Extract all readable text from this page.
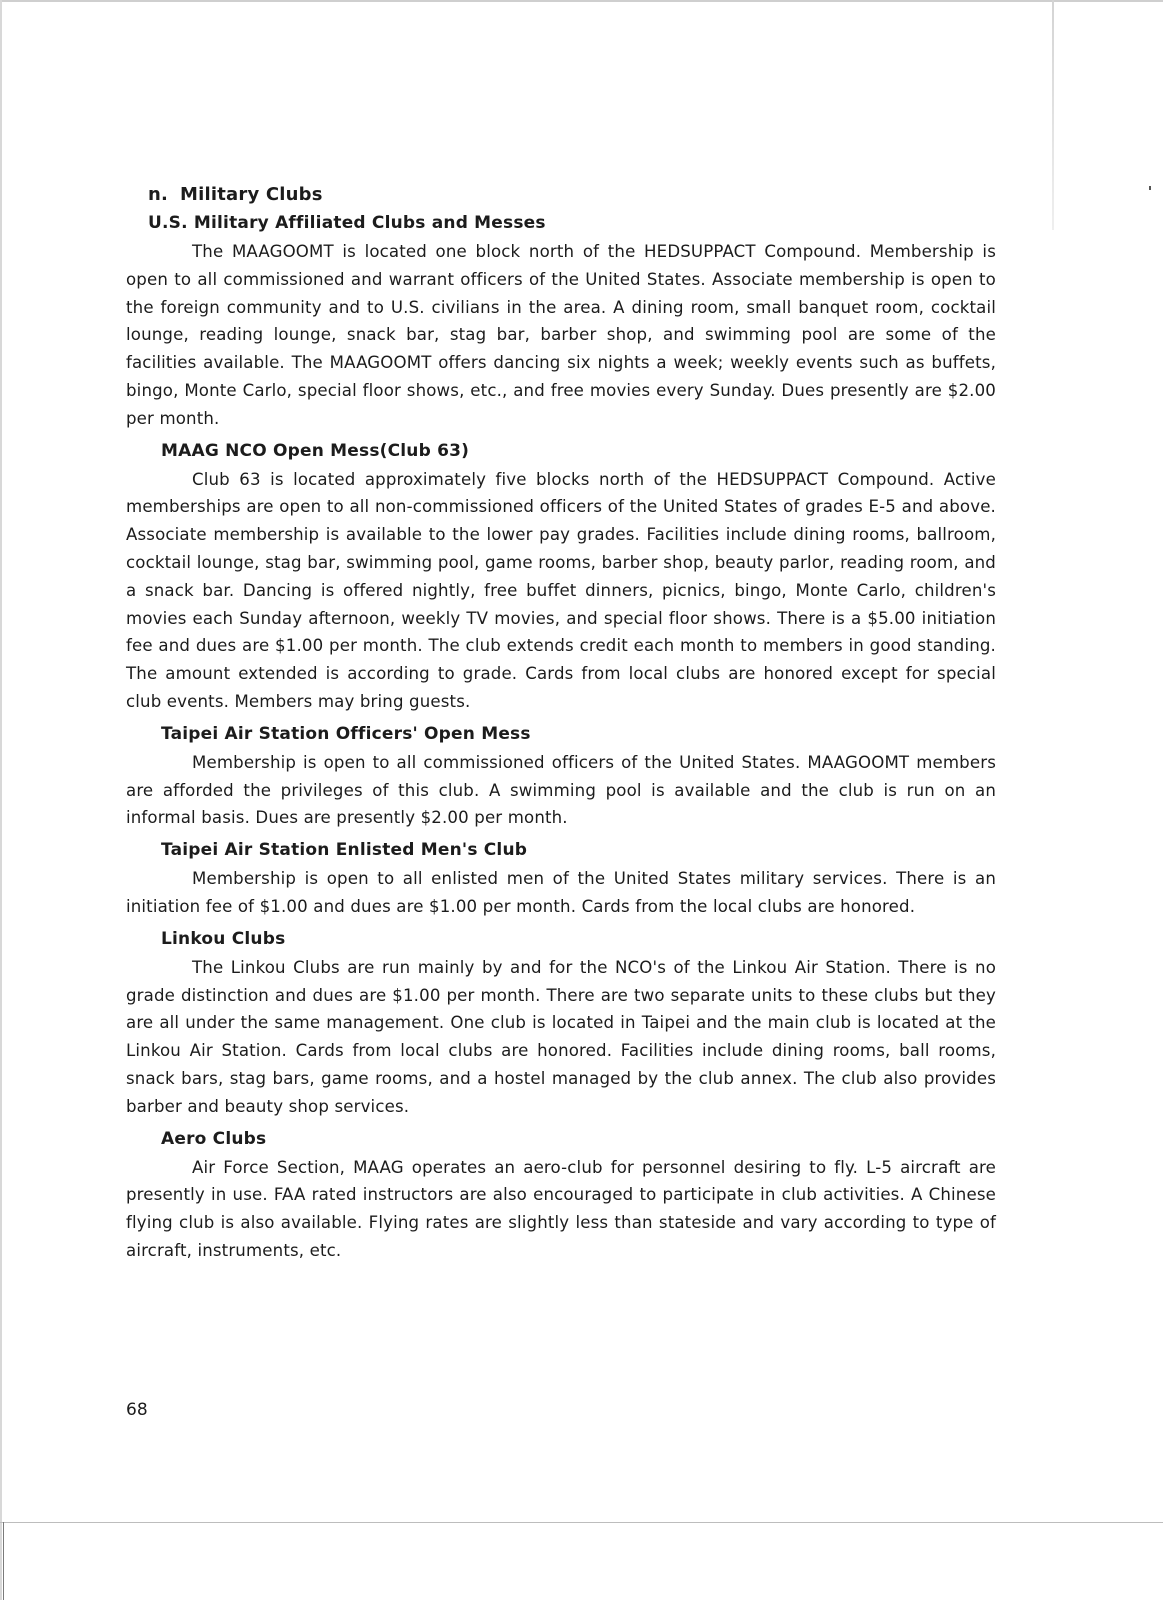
n. Military Clubs
U.S. Military Affiliated Clubs and Messes

The MAAGOOMT is located one block north of the HEDSUPPACT Compound. Membership is open to all commissioned and warrant officers of the United States. Associate membership is open to the foreign community and to U.S. civilians in the area. A dining room, small banquet room, cocktail lounge, reading lounge, snack bar, stag bar, barber shop, and swimming pool are some of the facilities available. The MAAGOOMT offers dancing six nights a week; weekly events such as buffets, bingo, Monte Carlo, special floor shows, etc., and free movies every Sunday. Dues presently are $2.00 per month.

MAAG NCO Open Mess(Club 63)

Club 63 is located approximately five blocks north of the HEDSUPPACT Compound. Active memberships are open to all non-commissioned officers of the United States of grades E-5 and above. Associate membership is available to the lower pay grades. Facilities include dining rooms, ballroom, cocktail lounge, stag bar, swimming pool, game rooms, barber shop, beauty parlor, reading room, and a snack bar. Dancing is offered nightly, free buffet dinners, picnics, bingo, Monte Carlo, children's movies each Sunday afternoon, weekly TV movies, and special floor shows. There is a $5.00 initiation fee and dues are $1.00 per month. The club extends credit each month to members in good standing. The amount extended is according to grade. Cards from local clubs are honored except for special club events. Members may bring guests.

Taipei Air Station Officers' Open Mess

Membership is open to all commissioned officers of the United States. MAAGOOMT members are afforded the privileges of this club. A swimming pool is available and the club is run on an informal basis. Dues are presently $2.00 per month.

Taipei Air Station Enlisted Men's Club

Membership is open to all enlisted men of the United States military services. There is an initiation fee of $1.00 and dues are $1.00 per month. Cards from the local clubs are honored.

Linkou Clubs

The Linkou Clubs are run mainly by and for the NCO's of the Linkou Air Station. There is no grade distinction and dues are $1.00 per month. There are two separate units to these clubs but they are all under the same management. One club is located in Taipei and the main club is located at the Linkou Air Station. Cards from local clubs are honored. Facilities include dining rooms, ball rooms, snack bars, stag bars, game rooms, and a hostel managed by the club annex. The club also provides barber and beauty shop services.

Aero Clubs

Air Force Section, MAAG operates an aero-club for personnel desiring to fly. L-5 aircraft are presently in use. FAA rated instructors are also encouraged to participate in club activities. A Chinese flying club is also available. Flying rates are slightly less than stateside and vary according to type of aircraft, instruments, etc.

68
